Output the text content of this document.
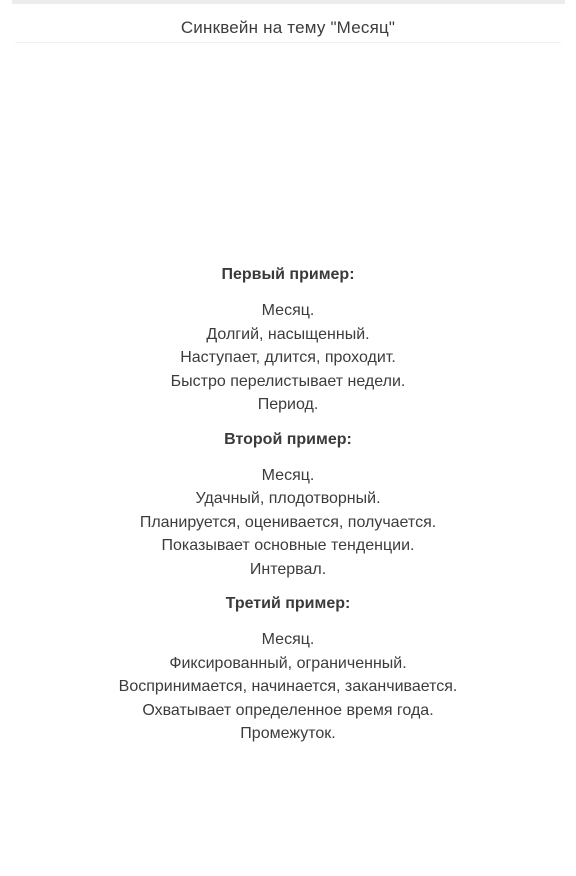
Синквейн на тему "Месяц"
Первый пример:
Месяц.
Долгий, насыщенный.
Наступает, длится, проходит.
Быстро перелистывает недели.
Период.
Второй пример:
Месяц.
Удачный, плодотворный.
Планируется, оценивается, получается.
Показывает основные тенденции.
Интервал.
Третий пример:
Месяц.
Фиксированный, ограниченный.
Воспринимается, начинается, заканчивается.
Охватывает определенное время года.
Промежуток.
